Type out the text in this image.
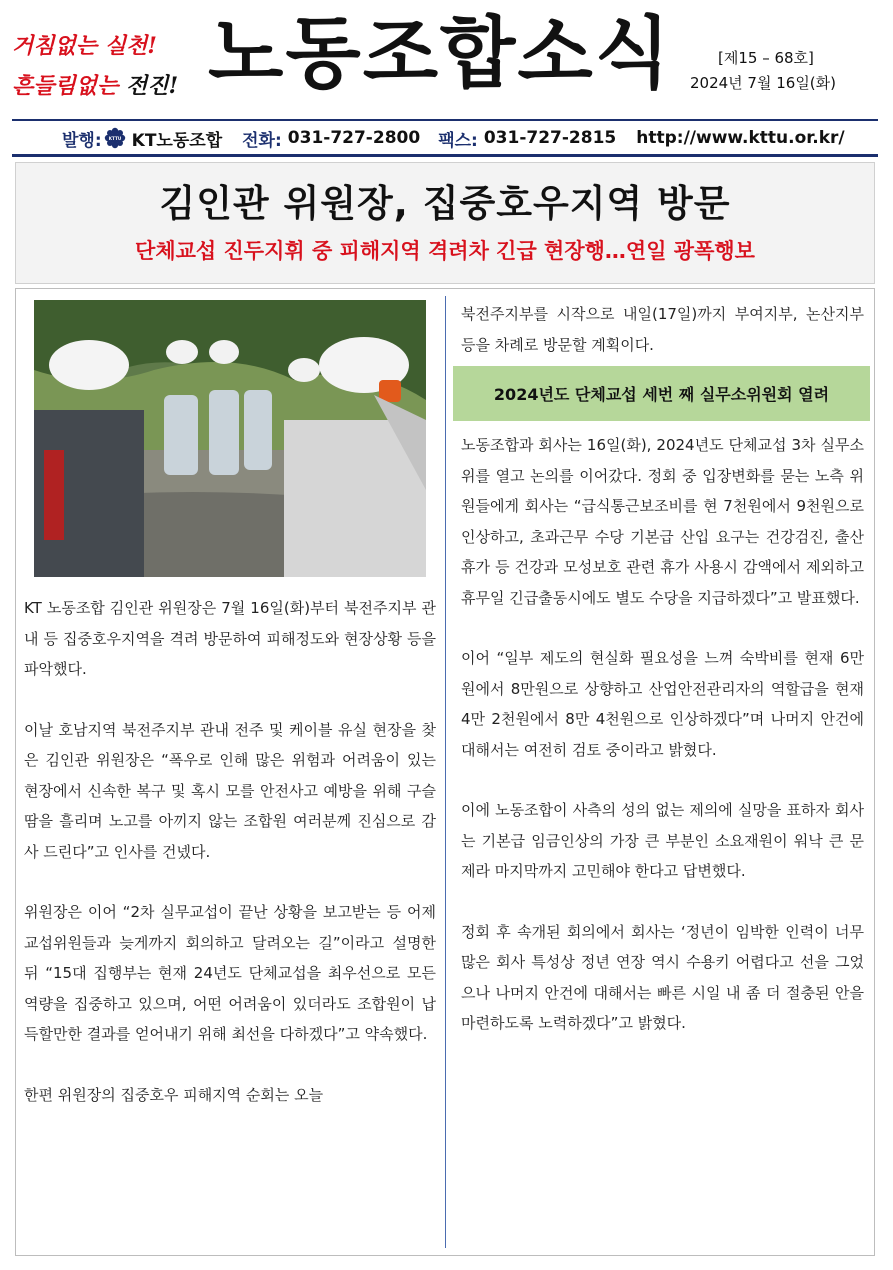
거침없는 실천!
흔들림없는 전진! 노동조합소식	[제15 – 68호]
2024년 7월 16일(화)
발행: KTTU KT노동조합 전화: 031-727-2800 팩스: 031-727-2815 http://www.kttu.or.kr/
김인관 위원장, 집중호우지역 방문
단체교섭 진두지휘 중 피해지역 격려차 긴급 현장행…연일 광폭행보

KT 노동조합 김인관 위원장은 7월 16일(화)부터 북전주지부 관내 등 집중호우지역을 격려 방문하여 피해정도와 현장상황 등을 파악했다.

이날 호남지역 북전주지부 관내 전주 및 케이블 유실 현장을 찾은 김인관 위원장은 “폭우로 인해 많은 위험과 어려움이 있는 현장에서 신속한 복구 및 혹시 모를 안전사고 예방을 위해 구슬땀을 흘리며 노고를 아끼지 않는 조합원 여러분께 진심으로 감사 드린다”고 인사를 건넸다.

위원장은 이어 “2차 실무교섭이 끝난 상황을 보고받는 등 어제 교섭위원들과 늦게까지 회의하고 달려오는 길”이라고 설명한 뒤 “15대 집행부는 현재 24년도 단체교섭을 최우선으로 모든 역량을 집중하고 있으며, 어떤 어려움이 있더라도 조합원이 납득할만한 결과를 얻어내기 위해 최선을 다하겠다”고 약속했다.

한편 위원장의 집중호우 피해지역 순회는 오늘

북전주지부를 시작으로 내일(17일)까지 부여지부, 논산지부 등을 차례로 방문할 계획이다.

2024년도 단체교섭 세번 째 실무소위원회 열려

노동조합과 회사는 16일(화), 2024년도 단체교섭 3차 실무소위를 열고 논의를 이어갔다. 정회 중 입장변화를 묻는 노측 위원들에게 회사는 “급식통근보조비를 현 7천원에서 9천원으로 인상하고, 초과근무 수당 기본급 산입 요구는 건강검진, 출산휴가 등 건강과 모성보호 관련 휴가 사용시 감액에서 제외하고 휴무일 긴급출동시에도 별도 수당을 지급하겠다”고 발표했다.

이어 “일부 제도의 현실화 필요성을 느껴 숙박비를 현재 6만원에서 8만원으로 상향하고 산업안전관리자의 역할급을 현재 4만 2천원에서 8만 4천원으로 인상하겠다”며 나머지 안건에 대해서는 여전히 검토 중이라고 밝혔다.

이에 노동조합이 사측의 성의 없는 제의에 실망을 표하자 회사는 기본급 임금인상의 가장 큰 부분인 소요재원이 워낙 큰 문제라 마지막까지 고민해야 한다고 답변했다.

정회 후 속개된 회의에서 회사는 ‘정년이 임박한 인력이 너무 많은 회사 특성상 정년 연장 역시 수용키 어렵다고 선을 그었으나 나머지 안건에 대해서는 빠른 시일 내 좀 더 절충된 안을 마련하도록 노력하겠다”고 밝혔다.
